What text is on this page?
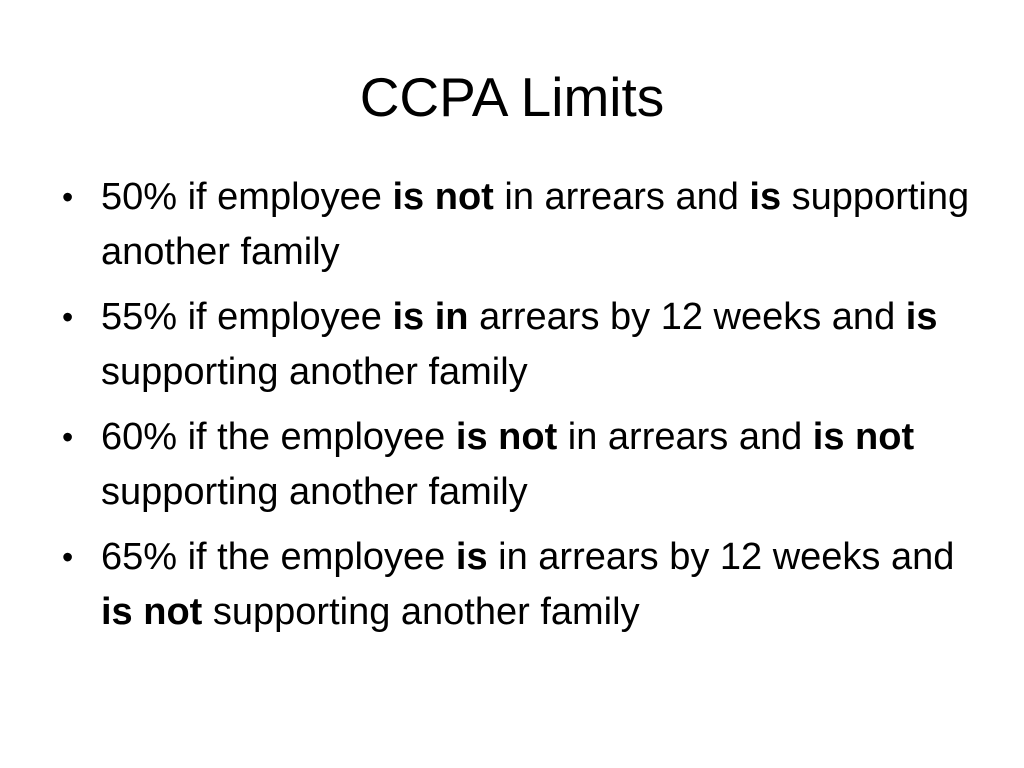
CCPA Limits
• 50% if employee is not in arrears and is supporting another family
• 55% if employee is in arrears by 12 weeks and is supporting another family
• 60% if the employee is not in arrears and is not supporting another family
• 65% if the employee is in arrears by 12 weeks and is not supporting another family
